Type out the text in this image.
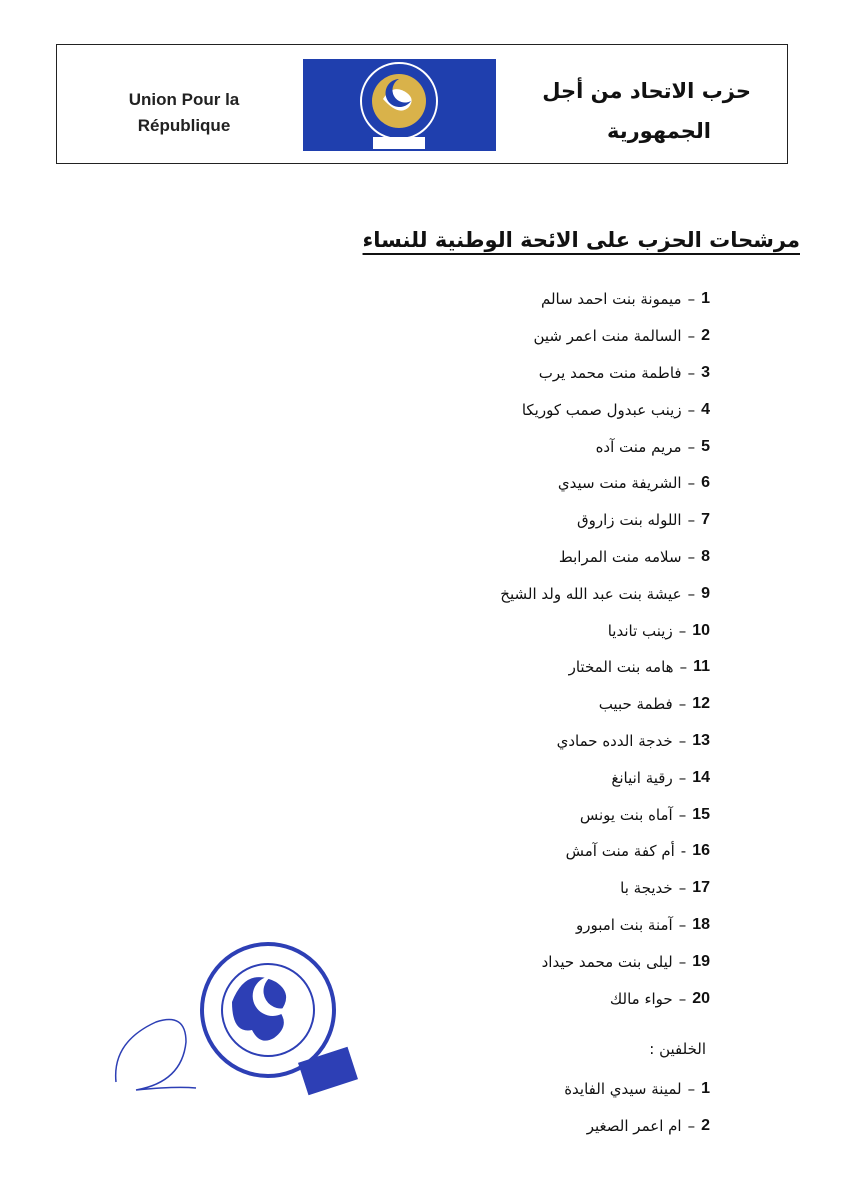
Union Pour la
République
حزب الاتحاد من أجل
الجمهورية
مرشحات الحزب على الائحة الوطنية للنساء
1
–
ميمونة بنت احمد سالم
2
–
السالمة منت اعمر شين
3
–
فاطمة منت محمد يرب
4
–
زينب عبدول صمب كوريكا
5
–
مريم منت آده
6
–
الشريفة منت سيدي
7
–
اللوله بنت زاروق
8
–
سلامه منت المرابط
9
–
عيشة بنت عبد الله ولد الشيخ
10
–
زينب تانديا
11
–
هامه بنت المختار
12
–
فطمة حبيب
13
–
خدجة الدده حمادي
14
–
رقية انيانغ
15
–
آماه بنت يونس
16
-
أم كفة منت آمش
17
–
خديجة با
18
–
آمنة بنت امبورو
19
–
ليلى بنت محمد حيداد
20
–
حواء مالك
الخلفين :
1
–
لمينة سيدي الفايدة
2
–
ام اعمر الصغير
